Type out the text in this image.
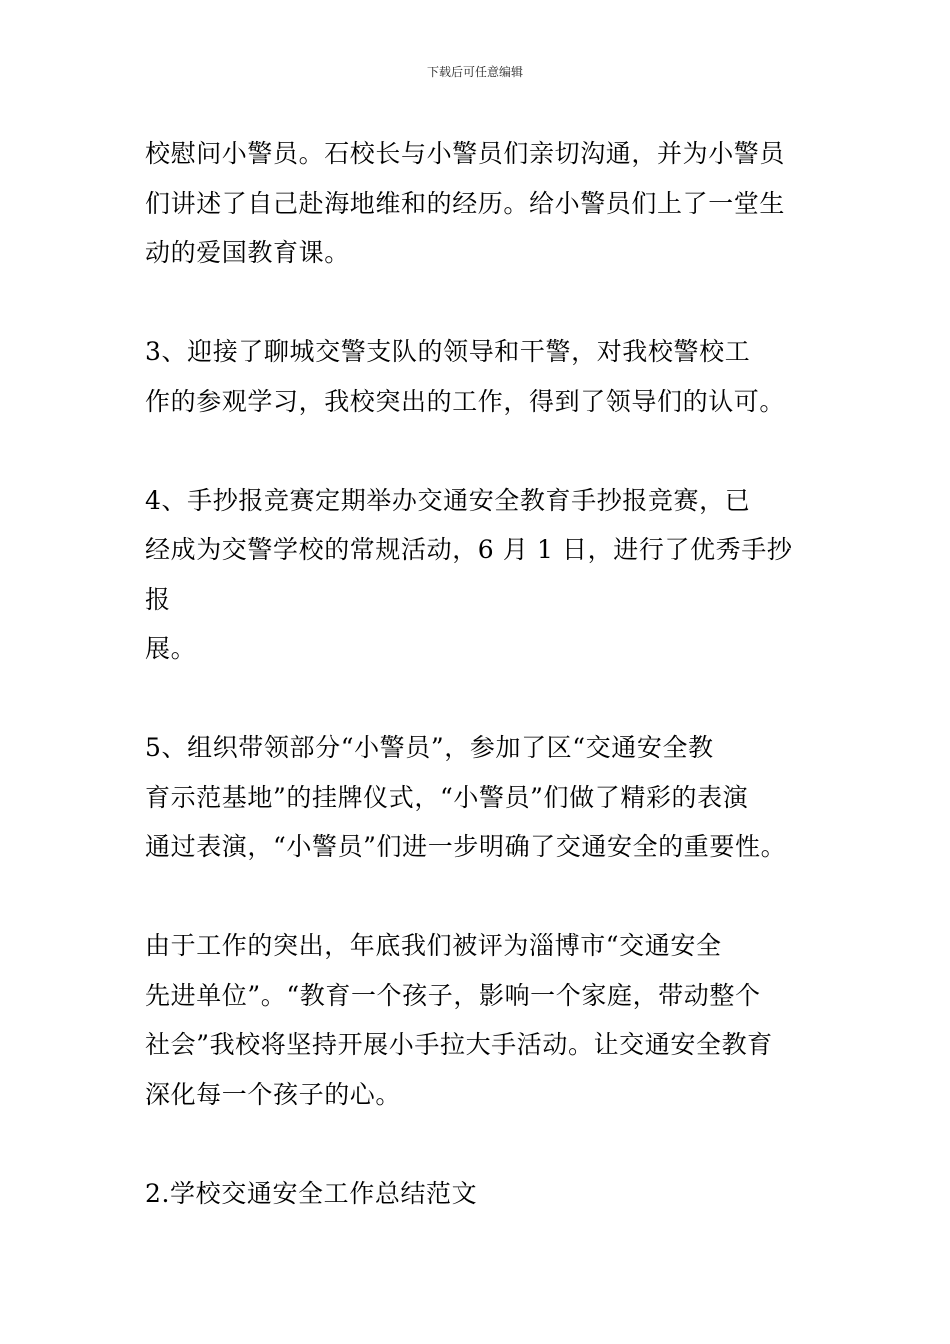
下载后可任意编辑

校慰问小警员。石校长与小警员们亲切沟通，并为小警员
们讲述了自己赴海地维和的经历。给小警员们上了一堂生
动的爱国教育课。

3、迎接了聊城交警支队的领导和干警，对我校警校工
作的参观学习，我校突出的工作，得到了领导们的认可。

4、手抄报竞赛定期举办交通安全教育手抄报竞赛，已
经成为交警学校的常规活动，6 月 1 日，进行了优秀手抄报
展。

5、组织带领部分“小警员”，参加了区“交通安全教
育示范基地”的挂牌仪式，“小警员”们做了精彩的表演
通过表演，“小警员”们进一步明确了交通安全的重要性。

由于工作的突出，年底我们被评为淄博市“交通安全
先进单位”。“教育一个孩子，影响一个家庭，带动整个
社会”我校将坚持开展小手拉大手活动。让交通安全教育
深化每一个孩子的心。

2.学校交通安全工作总结范文
